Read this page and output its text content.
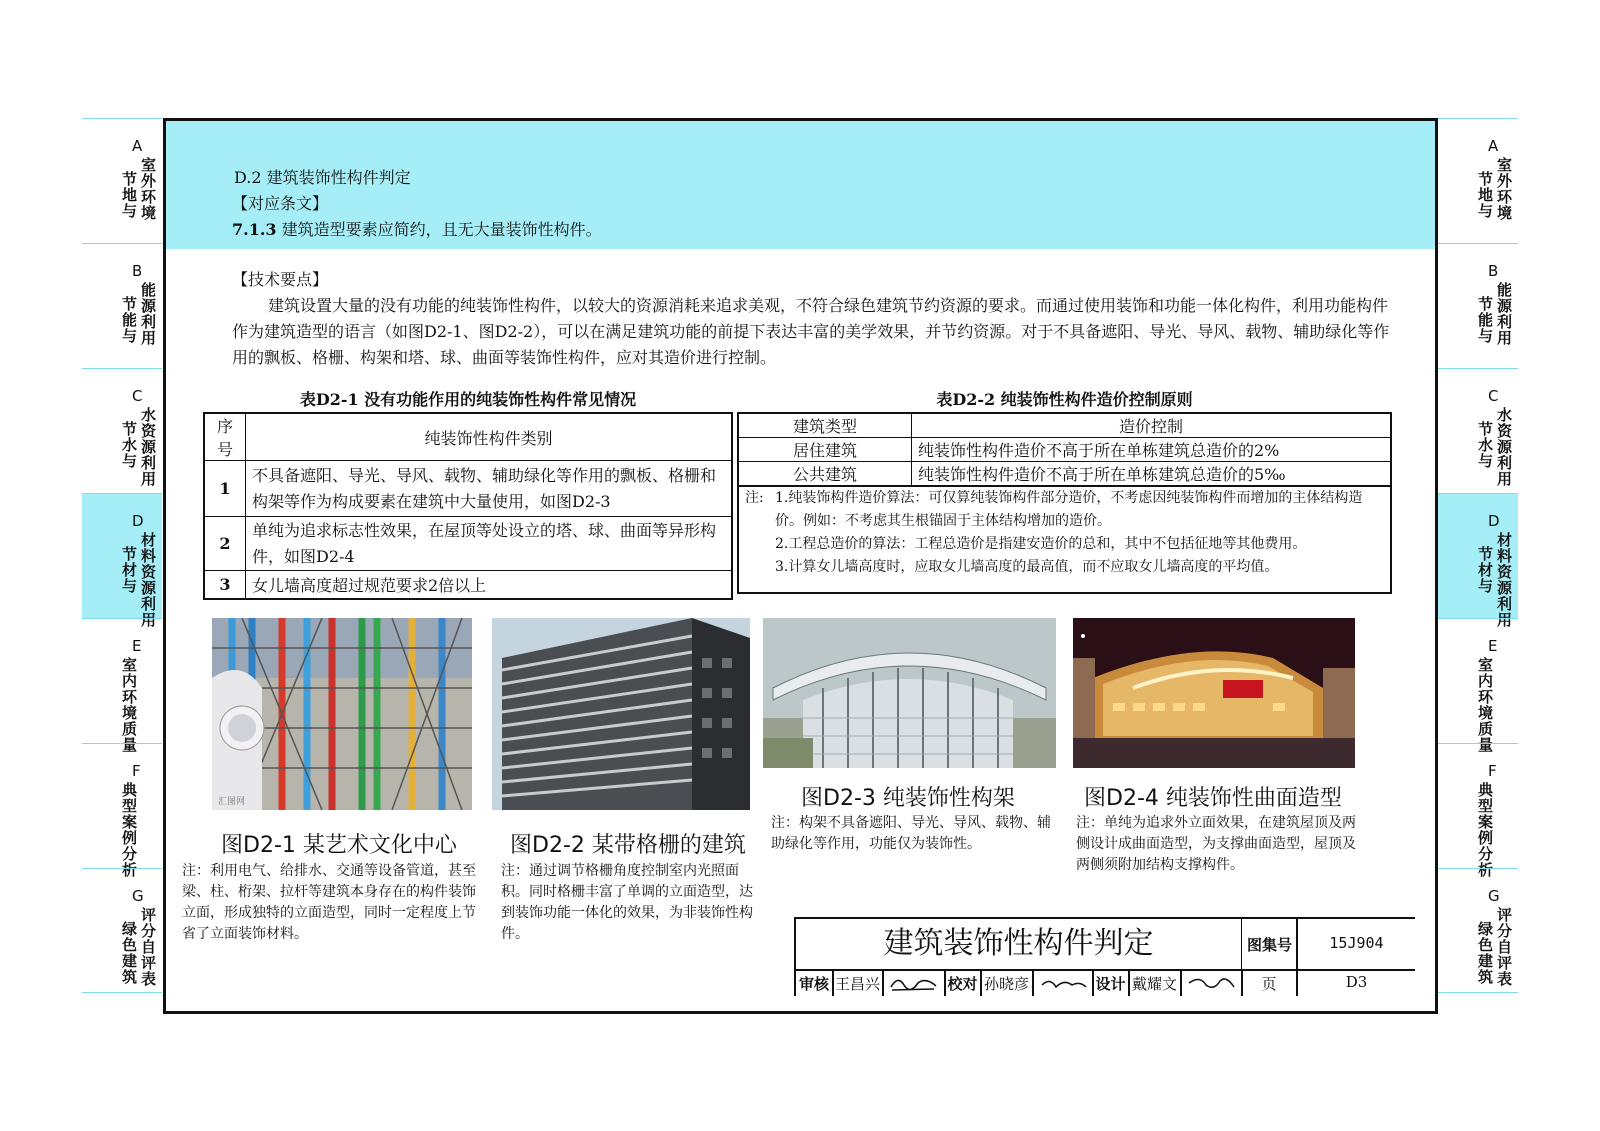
A
室外环境
节地与
B
能源利用
节能与
C
水资源利用
节水与
D
材料资源利用
节材与
E
室内环境质量
F
典型案例分析
G
评分自评表
绿色建筑
A
室外环境
节地与
B
能源利用
节能与
C
水资源利用
节水与
D
材料资源利用
节材与
E
室内环境质量
F
典型案例分析
G
评分自评表
绿色建筑
D.2 建筑装饰性构件判定
【对应条文】
7.1.3 建筑造型要素应简约，且无大量装饰性构件。
【技术要点】
建筑设置大量的没有功能的纯装饰性构件，以较大的资源消耗来追求美观，不符合绿色建筑节约资源的要求。而通过使用装饰和功能一体化构件，利用功能构件作为建筑造型的语言（如图D2-1、图D2-2），可以在满足建筑功能的前提下表达丰富的美学效果，并节约资源。对于不具备遮阳、导光、导风、载物、辅助绿化等作用的飘板、格栅、构架和塔、球、曲面等装饰性构件，应对其造价进行控制。
表D2-1 没有功能作用的纯装饰性构件常见情况	表D2-2 纯装饰性构件造价控制原则
序号	纯装饰性构件类别
1	不具备遮阳、导光、导风、载物、辅助绿化等作用的飘板、格栅和构架等作为构成要素在建筑中大量使用，如图D2-3
2	单纯为追求标志性效果，在屋顶等处设立的塔、球、曲面等异形构件，如图D2-4
3	女儿墙高度超过规范要求2倍以上
建筑类型	造价控制
居住建筑	纯装饰性构件造价不高于所在单栋建筑总造价的2%
公共建筑	纯装饰性构件造价不高于所在单栋建筑总造价的5‰
注: 1.纯装饰构件造价算法：可仅算纯装饰构件部分造价，不考虑因纯装饰构件而增加的主体结构造价。例如：不考虑其生根锚固于主体结构增加的造价。
2.工程总造价的算法：工程总造价是指建安造价的总和，其中不包括征地等其他费用。
3.计算女儿墙高度时，应取女儿墙高度的最高值，而不应取女儿墙高度的平均值。
汇图网
图D2-1 某艺术文化中心 图D2-2 某带格栅的建筑
图D2-3 纯装饰性构架	图D2-4 纯装饰性曲面造型
注：利用电气、给排水、交通等设备管道，甚至梁、柱、桁架、拉杆等建筑本身存在的构件装饰立面，形成独特的立面造型，同时一定程度上节省了立面装饰材料。
注：通过调节格栅角度控制室内光照面积。同时格栅丰富了单调的立面造型，达到装饰功能一体化的效果，为非装饰性构件。
注：构架不具备遮阳、导光、导风、载物、辅助绿化等作用，功能仅为装饰性。
注：单纯为追求外立面效果，在建筑屋顶及两侧设计成曲面造型，为支撑曲面造型，屋顶及两侧须附加结构支撑构件。
建筑装饰性构件判定	图集号	15J904
审核 王昌兴	校对 孙晓彦	设计 戴耀文	页	D3
